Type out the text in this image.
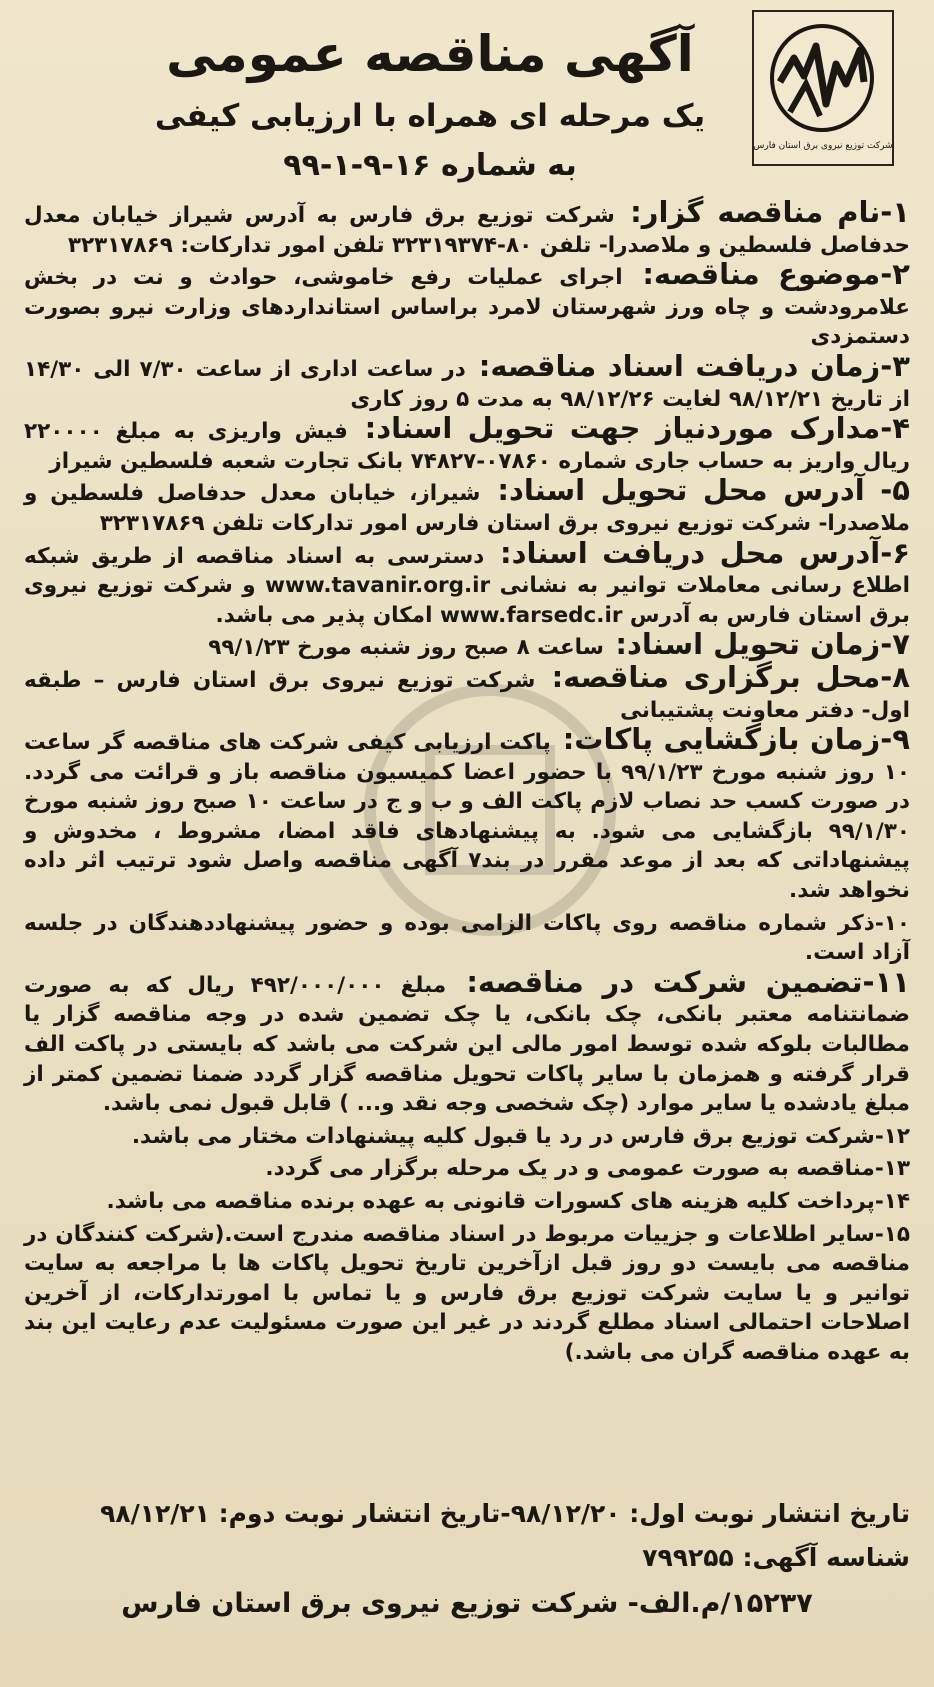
شرکت توزیع نیروی برق استان فارس
آگهی مناقصه عمومی
یک مرحله ای همراه با ارزیابی کیفی
به شماره ۱۶-۹-۱-۹۹

۱-نام مناقصه گزار: شرکت توزیع برق فارس به آدرس شیراز خیابان معدل حدفاصل فلسطین و ملاصدرا- تلفن ۸۰-۳۲۳۱۹۳۷۴ تلفن امور تدارکات: ۳۲۳۱۷۸۶۹

۲-موضوع مناقصه: اجرای عملیات رفع خاموشی، حوادث و نت در بخش علامرودشت و چاه ورز شهرستان لامرد براساس استانداردهای وزارت نیرو بصورت دستمزدی

۳-زمان دریافت اسناد مناقصه: در ساعت اداری از ساعت ۷/۳۰ الی ۱۴/۳۰ از تاریخ ۹۸/۱۲/۲۱ لغایت ۹۸/۱۲/۲۶ به مدت ۵ روز کاری

۴-مدارک موردنیاز جهت تحویل اسناد: فیش واریزی به مبلغ ۲۲۰۰۰۰ ریال واریز به حساب جاری شماره ۰۷۸۶۰-۷۴۸۲۷ بانک تجارت شعبه فلسطین شیراز

۵- آدرس محل تحویل اسناد: شیراز، خیابان معدل حدفاصل فلسطین و ملاصدرا- شرکت توزیع نیروی برق استان فارس امور تدارکات تلفن ۳۲۳۱۷۸۶۹

۶-آدرس محل دریافت اسناد: دسترسی به اسناد مناقصه از طریق شبکه اطلاع رسانی معاملات توانیر به نشانی www.tavanir.org.ir و شرکت توزیع نیروی برق استان فارس به آدرس www.farsedc.ir امکان پذیر می باشد.

۷-زمان تحویل اسناد: ساعت ۸ صبح روز شنبه مورخ ۹۹/۱/۲۳

۸-محل برگزاری مناقصه: شرکت توزیع نیروی برق استان فارس – طبقه اول- دفتر معاونت پشتیبانی

۹-زمان بازگشایی پاکات: پاکت ارزیابی کیفی شرکت های مناقصه گر ساعت ۱۰ روز شنبه مورخ ۹۹/۱/۲۳ با حضور اعضا کمیسیون مناقصه باز و قرائت می گردد. در صورت کسب حد نصاب لازم پاکت الف و ب و ج در ساعت ۱۰ صبح روز شنبه مورخ ۹۹/۱/۳۰ بازگشایی می شود. به پیشنهادهای فاقد امضا، مشروط ، مخدوش و پیشنهاداتی که بعد از موعد مقرر در بند۷ آگهی مناقصه واصل شود ترتیب اثر داده نخواهد شد.

۱۰-ذکر شماره مناقصه روی پاکات الزامی بوده و حضور پیشنهاددهندگان در جلسه آزاد است.

۱۱-تضمین شرکت در مناقصه: مبلغ ۴۹۲/۰۰۰/۰۰۰ ریال که به صورت ضمانتنامه معتبر بانکی، چک بانکی، یا چک تضمین شده در وجه مناقصه گزار یا مطالبات بلوکه شده توسط امور مالی این شرکت می باشد که بایستی در پاکت الف قرار گرفته و همزمان با سایر پاکات تحویل مناقصه گزار گردد ضمنا تضمین کمتر از مبلغ یادشده یا سایر موارد (چک شخصی وجه نقد و... ) قابل قبول نمی باشد.

۱۲-شرکت توزیع برق فارس در رد یا قبول کلیه پیشنهادات مختار می باشد.

۱۳-مناقصه به صورت عمومی و در یک مرحله برگزار می گردد.

۱۴-پرداخت کلیه هزینه های کسورات قانونی به عهده برنده مناقصه می باشد.

۱۵-سایر اطلاعات و جزییات مربوط در اسناد مناقصه مندرج است.(شرکت کنندگان در مناقصه می بایست دو روز قبل ازآخرین تاریخ تحویل پاکات ها با مراجعه به سایت توانیر و یا سایت شرکت توزیع برق فارس و یا تماس با امورتدارکات، از آخرین اصلاحات احتمالی اسناد مطلع گردند در غیر این صورت مسئولیت عدم رعایت این بند به عهده مناقصه گران می باشد.)

تاریخ انتشار نوبت اول: ۹۸/۱۲/۲۰-تاریخ انتشار نوبت دوم: ۹۸/۱۲/۲۱
شناسه آگهی: ۷۹۹۲۵۵
۱۵۲۳۷/م.الف- شرکت توزیع نیروی برق استان فارس
